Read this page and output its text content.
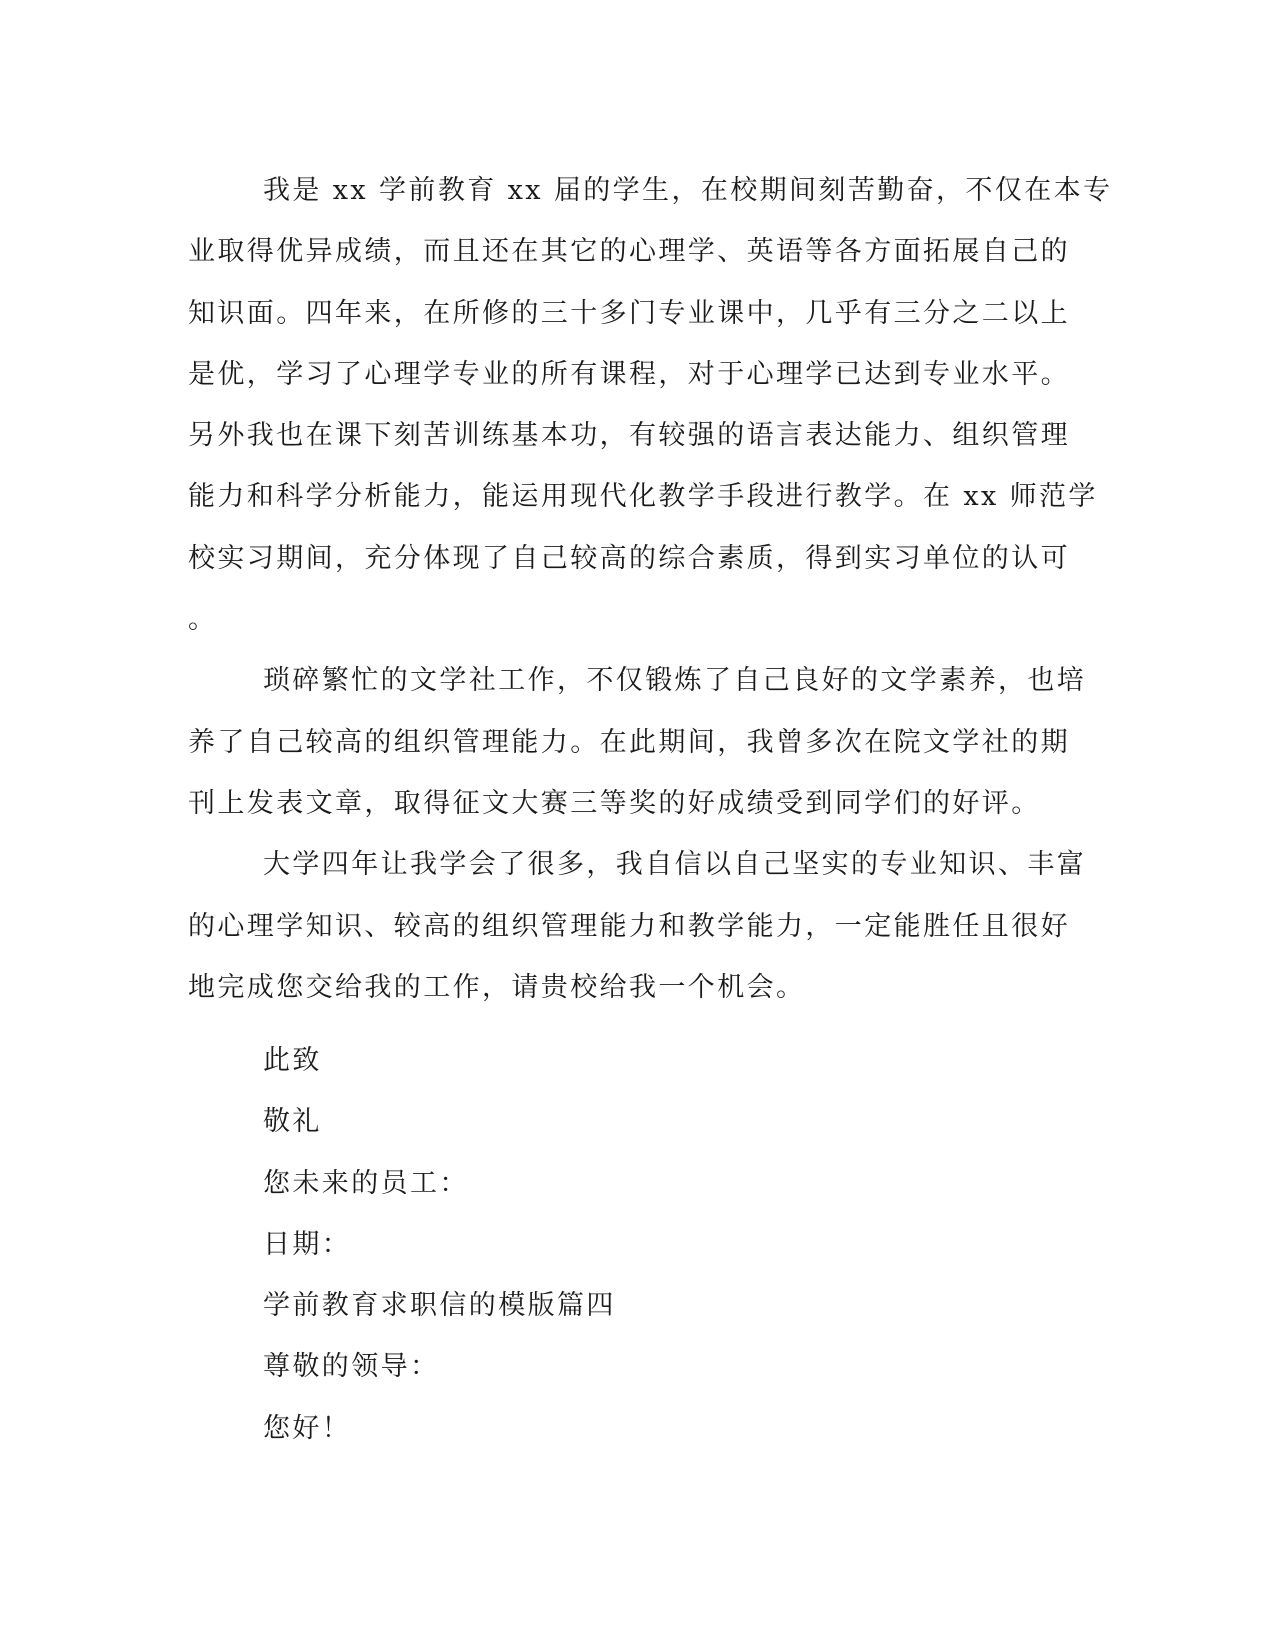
我是 xx 学前教育 xx 届的学生，在校期间刻苦勤奋，不仅在本专
业取得优异成绩，而且还在其它的心理学、英语等各方面拓展自己的
知识面。四年来，在所修的三十多门专业课中，几乎有三分之二以上
是优，学习了心理学专业的所有课程，对于心理学已达到专业水平。
另外我也在课下刻苦训练基本功，有较强的语言表达能力、组织管理
能力和科学分析能力，能运用现代化教学手段进行教学。在 xx 师范学
校实习期间，充分体现了自己较高的综合素质，得到实习单位的认可
。
琐碎繁忙的文学社工作，不仅锻炼了自己良好的文学素养，也培
养了自己较高的组织管理能力。在此期间，我曾多次在院文学社的期
刊上发表文章，取得征文大赛三等奖的好成绩受到同学们的好评。
大学四年让我学会了很多，我自信以自己坚实的专业知识、丰富
的心理学知识、较高的组织管理能力和教学能力，一定能胜任且很好
地完成您交给我的工作，请贵校给我一个机会。
此致
敬礼
您未来的员工：
日期：
学前教育求职信的模版篇四
尊敬的领导：
您好！
